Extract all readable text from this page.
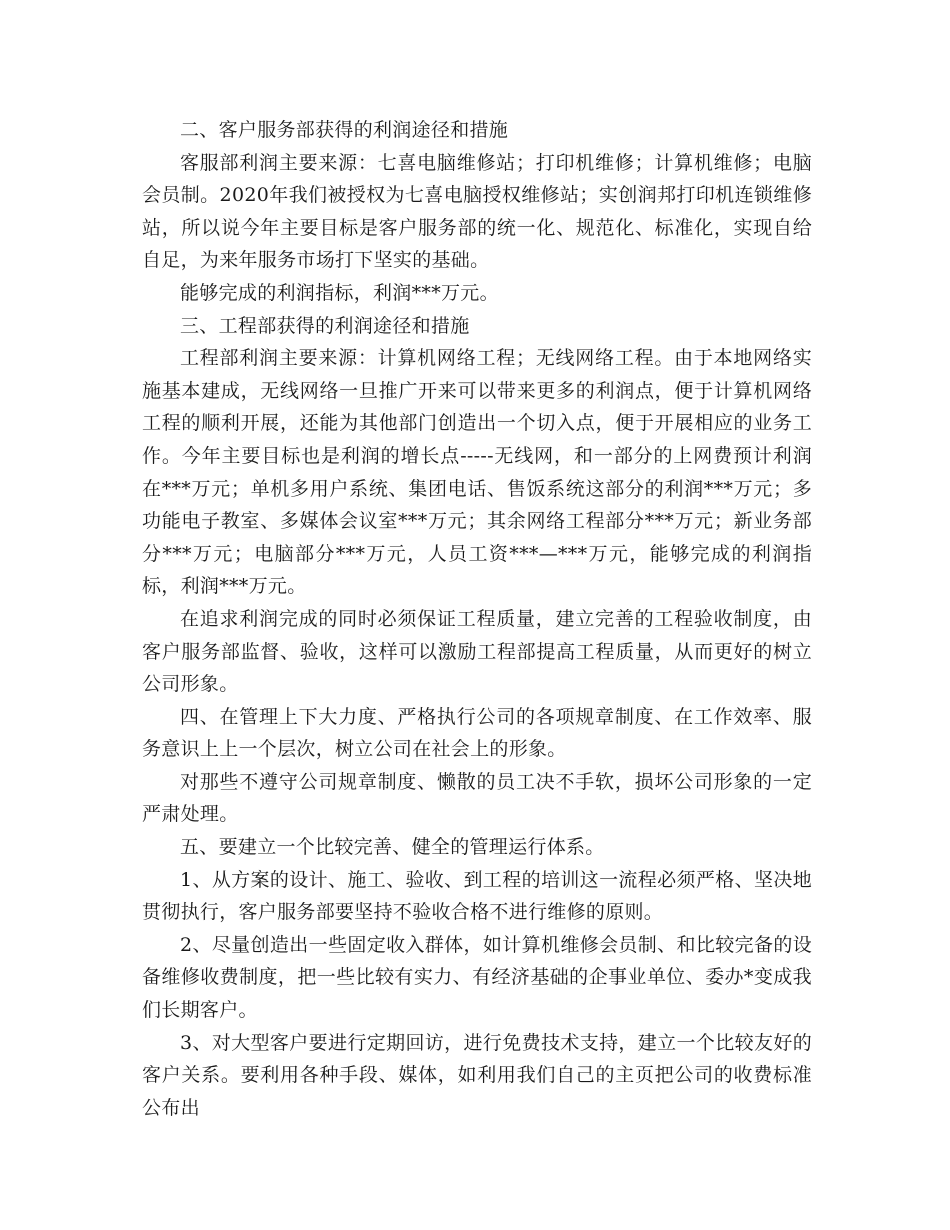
二、客户服务部获得的利润途径和措施

客服部利润主要来源：七喜电脑维修站；打印机维修；计算机维修；电脑会员制。2020年我们被授权为七喜电脑授权维修站；实创润邦打印机连锁维修站，所以说今年主要目标是客户服务部的统一化、规范化、标准化，实现自给自足，为来年服务市场打下坚实的基础。

能够完成的利润指标，利润***万元。

三、工程部获得的利润途径和措施

工程部利润主要来源：计算机网络工程；无线网络工程。由于本地网络实施基本建成，无线网络一旦推广开来可以带来更多的利润点，便于计算机网络工程的顺利开展，还能为其他部门创造出一个切入点，便于开展相应的业务工作。今年主要目标也是利润的增长点-----无线网，和一部分的上网费预计利润在***万元；单机多用户系统、集团电话、售饭系统这部分的利润***万元；多功能电子教室、多媒体会议室***万元；其余网络工程部分***万元；新业务部分***万元；电脑部分***万元，人员工资***—***万元，能够完成的利润指标，利润***万元。

在追求利润完成的同时必须保证工程质量，建立完善的工程验收制度，由客户服务部监督、验收，这样可以激励工程部提高工程质量，从而更好的树立公司形象。

四、在管理上下大力度、严格执行公司的各项规章制度、在工作效率、服务意识上上一个层次，树立公司在社会上的形象。

对那些不遵守公司规章制度、懒散的员工决不手软，损坏公司形象的一定严肃处理。

五、要建立一个比较完善、健全的管理运行体系。

1、从方案的设计、施工、验收、到工程的培训这一流程必须严格、坚决地贯彻执行，客户服务部要坚持不验收合格不进行维修的原则。

2、尽量创造出一些固定收入群体，如计算机维修会员制、和比较完备的设备维修收费制度，把一些比较有实力、有经济基础的企事业单位、委办*变成我们长期客户。

3、对大型客户要进行定期回访，进行免费技术支持，建立一个比较友好的客户关系。要利用各种手段、媒体，如利用我们自己的主页把公司的收费标准公布出
